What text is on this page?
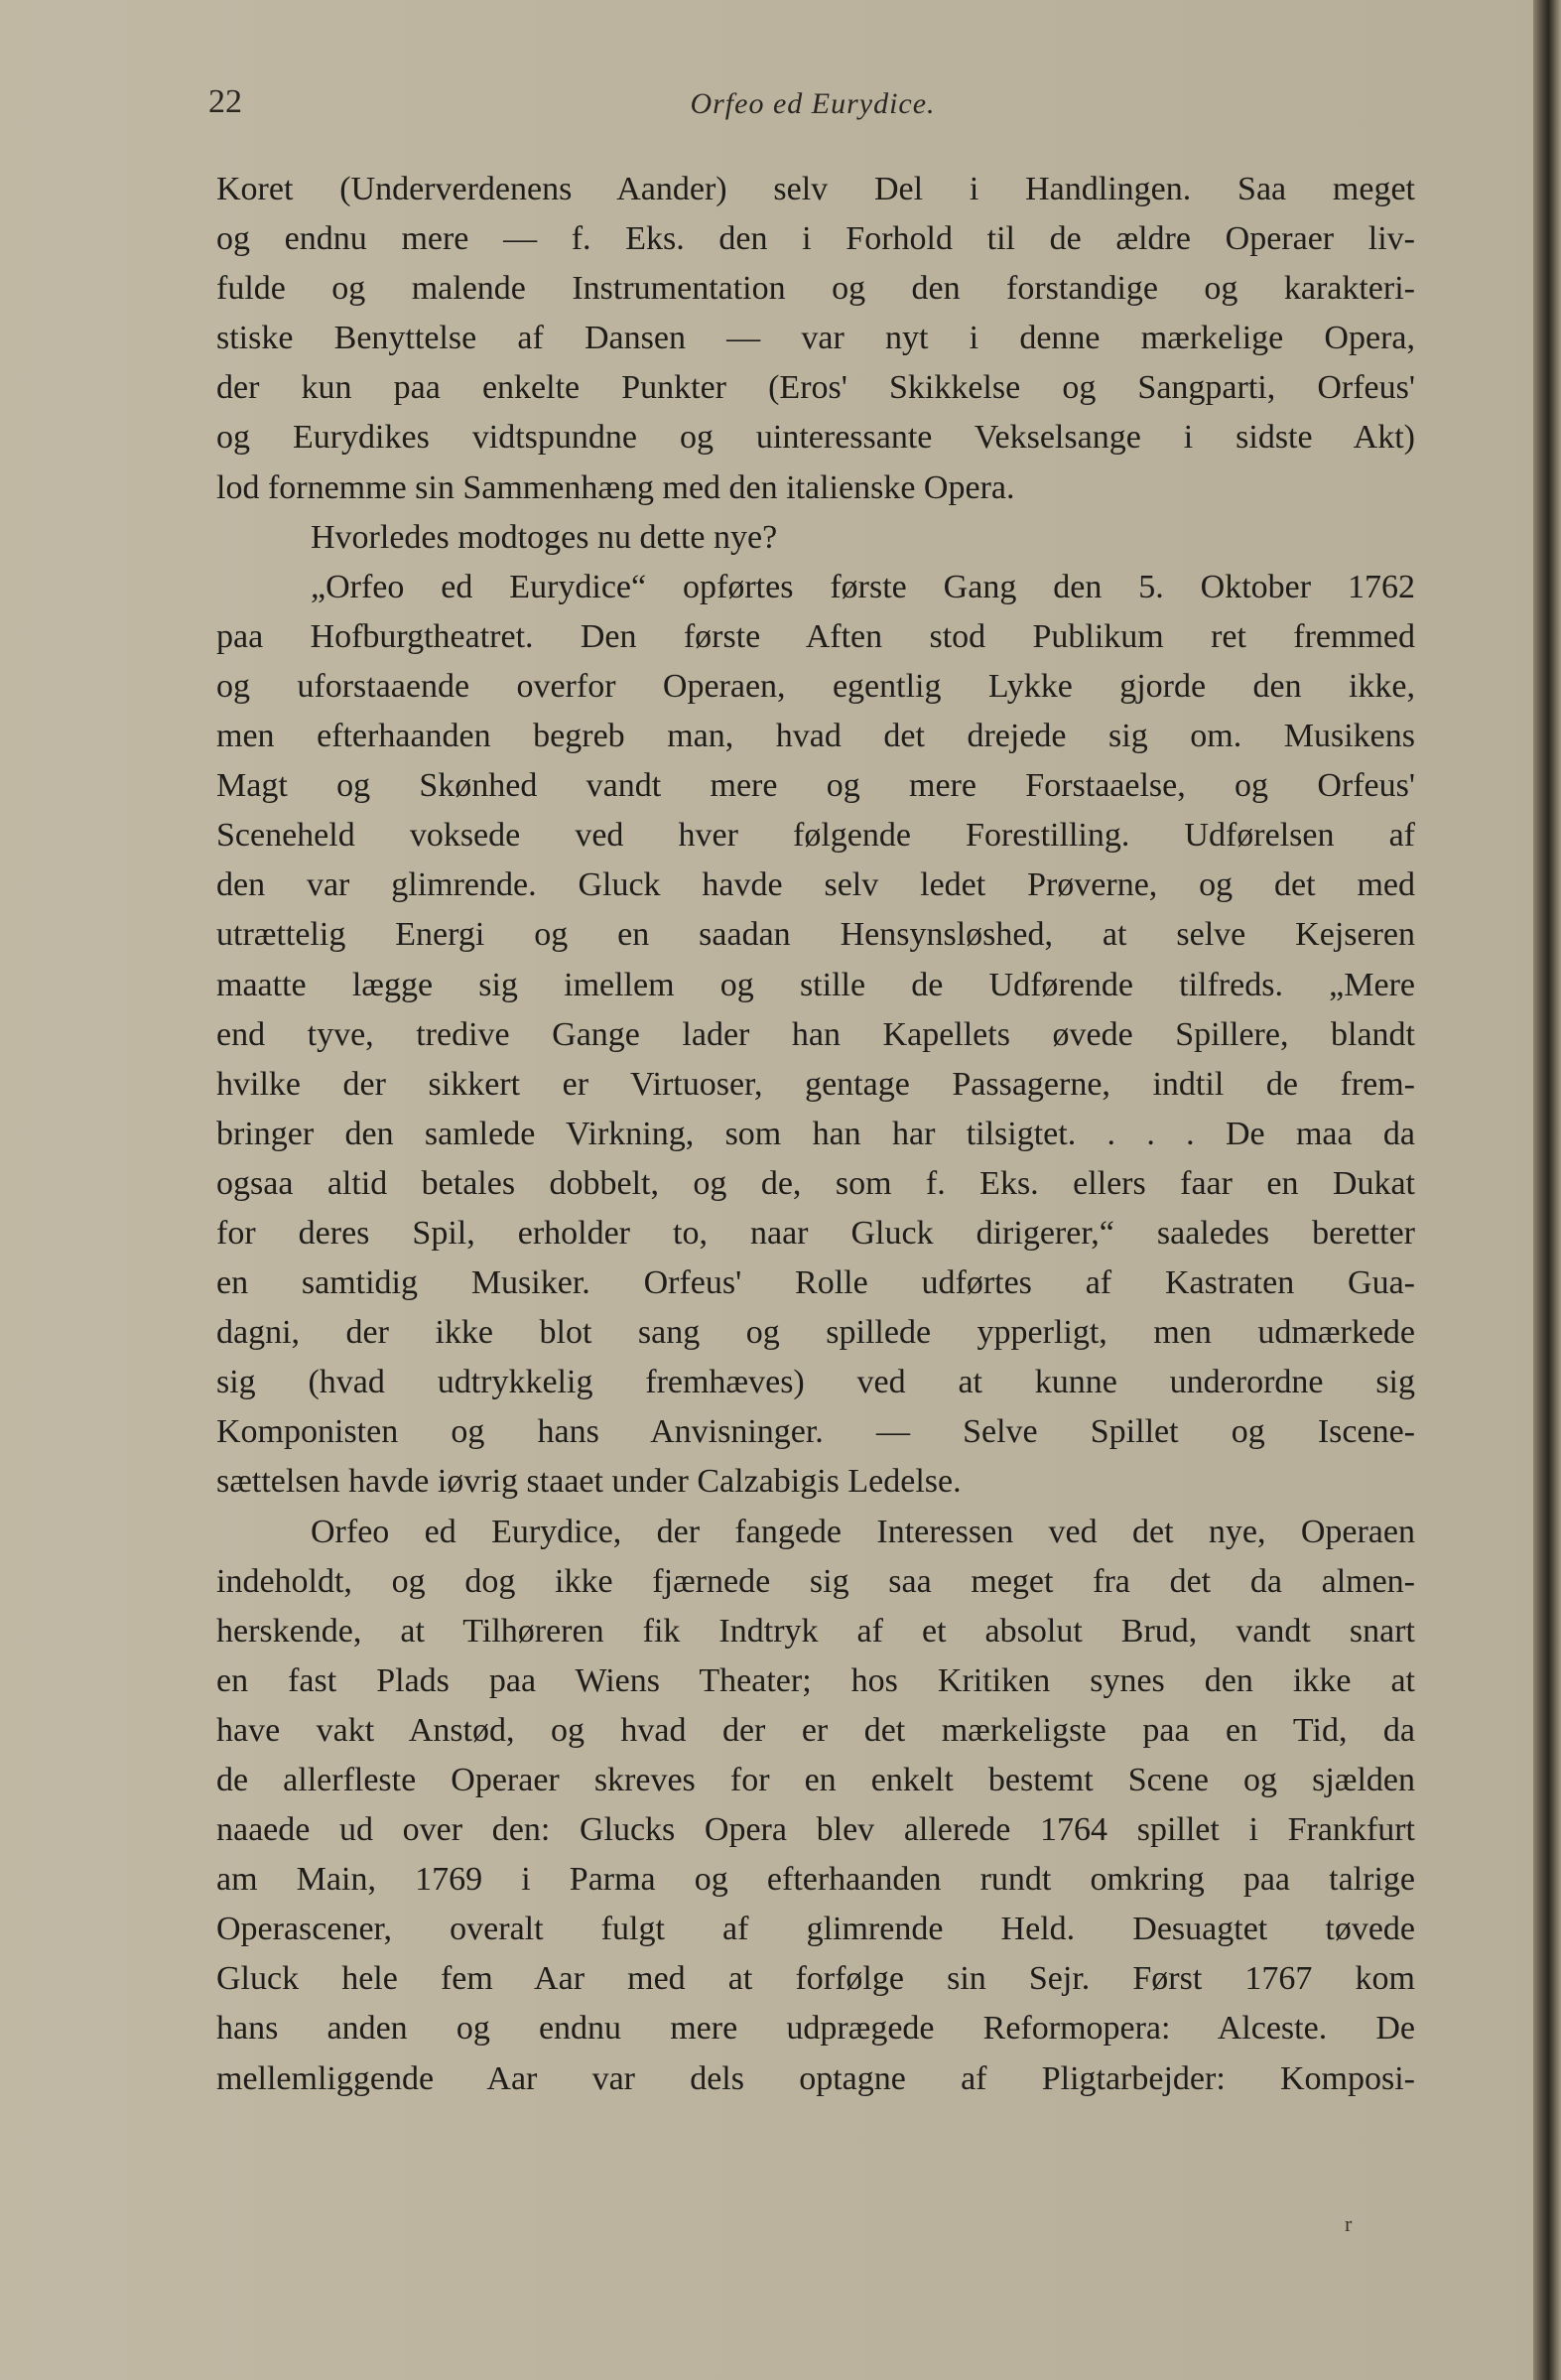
22	Orfeo ed Eurydice.
Koret (Underverdenens Aander) selv Del i Handlingen. Saa meget
og endnu mere — f. Eks. den i Forhold til de ældre Operaer liv-
fulde og malende Instrumentation og den forstandige og karakteri-
stiske Benyttelse af Dansen — var nyt i denne mærkelige Opera,
der kun paa enkelte Punkter (Eros' Skikkelse og Sangparti, Orfeus'
og Eurydikes vidtspundne og uinteressante Vekselsange i sidste Akt)
lod fornemme sin Sammenhæng med den italienske Opera.
Hvorledes modtoges nu dette nye?
„Orfeo ed Eurydice“ opførtes første Gang den 5. Oktober 1762
paa Hofburgtheatret. Den første Aften stod Publikum ret fremmed
og uforstaaende overfor Operaen, egentlig Lykke gjorde den ikke,
men efterhaanden begreb man, hvad det drejede sig om. Musikens
Magt og Skønhed vandt mere og mere Forstaaelse, og Orfeus'
Sceneheld voksede ved hver følgende Forestilling. Udførelsen af
den var glimrende. Gluck havde selv ledet Prøverne, og det med
utrættelig Energi og en saadan Hensynsløshed, at selve Kejseren
maatte lægge sig imellem og stille de Udførende tilfreds. „Mere
end tyve, tredive Gange lader han Kapellets øvede Spillere, blandt
hvilke der sikkert er Virtuoser, gentage Passagerne, indtil de frem-
bringer den samlede Virkning, som han har tilsigtet. . . . De maa da
ogsaa altid betales dobbelt, og de, som f. Eks. ellers faar en Dukat
for deres Spil, erholder to, naar Gluck dirigerer,“ saaledes beretter
en samtidig Musiker. Orfeus' Rolle udførtes af Kastraten Gua-
dagni, der ikke blot sang og spillede ypperligt, men udmærkede
sig (hvad udtrykkelig fremhæves) ved at kunne underordne sig
Komponisten og hans Anvisninger. — Selve Spillet og Iscene-
sættelsen havde iøvrig staaet under Calzabigis Ledelse.
Orfeo ed Eurydice, der fangede Interessen ved det nye, Operaen
indeholdt, og dog ikke fjærnede sig saa meget fra det da almen-
herskende, at Tilhøreren fik Indtryk af et absolut Brud, vandt snart
en fast Plads paa Wiens Theater; hos Kritiken synes den ikke at
have vakt Anstød, og hvad der er det mærkeligste paa en Tid, da
de allerfleste Operaer skreves for en enkelt bestemt Scene og sjælden
naaede ud over den: Glucks Opera blev allerede 1764 spillet i Frankfurt
am Main, 1769 i Parma og efterhaanden rundt omkring paa talrige
Operascener, overalt fulgt af glimrende Held. Desuagtet tøvede
Gluck hele fem Aar med at forfølge sin Sejr. Først 1767 kom
hans anden og endnu mere udprægede Reformopera: Alceste. De
mellemliggende Aar var dels optagne af Pligtarbejder: Komposi-
r
